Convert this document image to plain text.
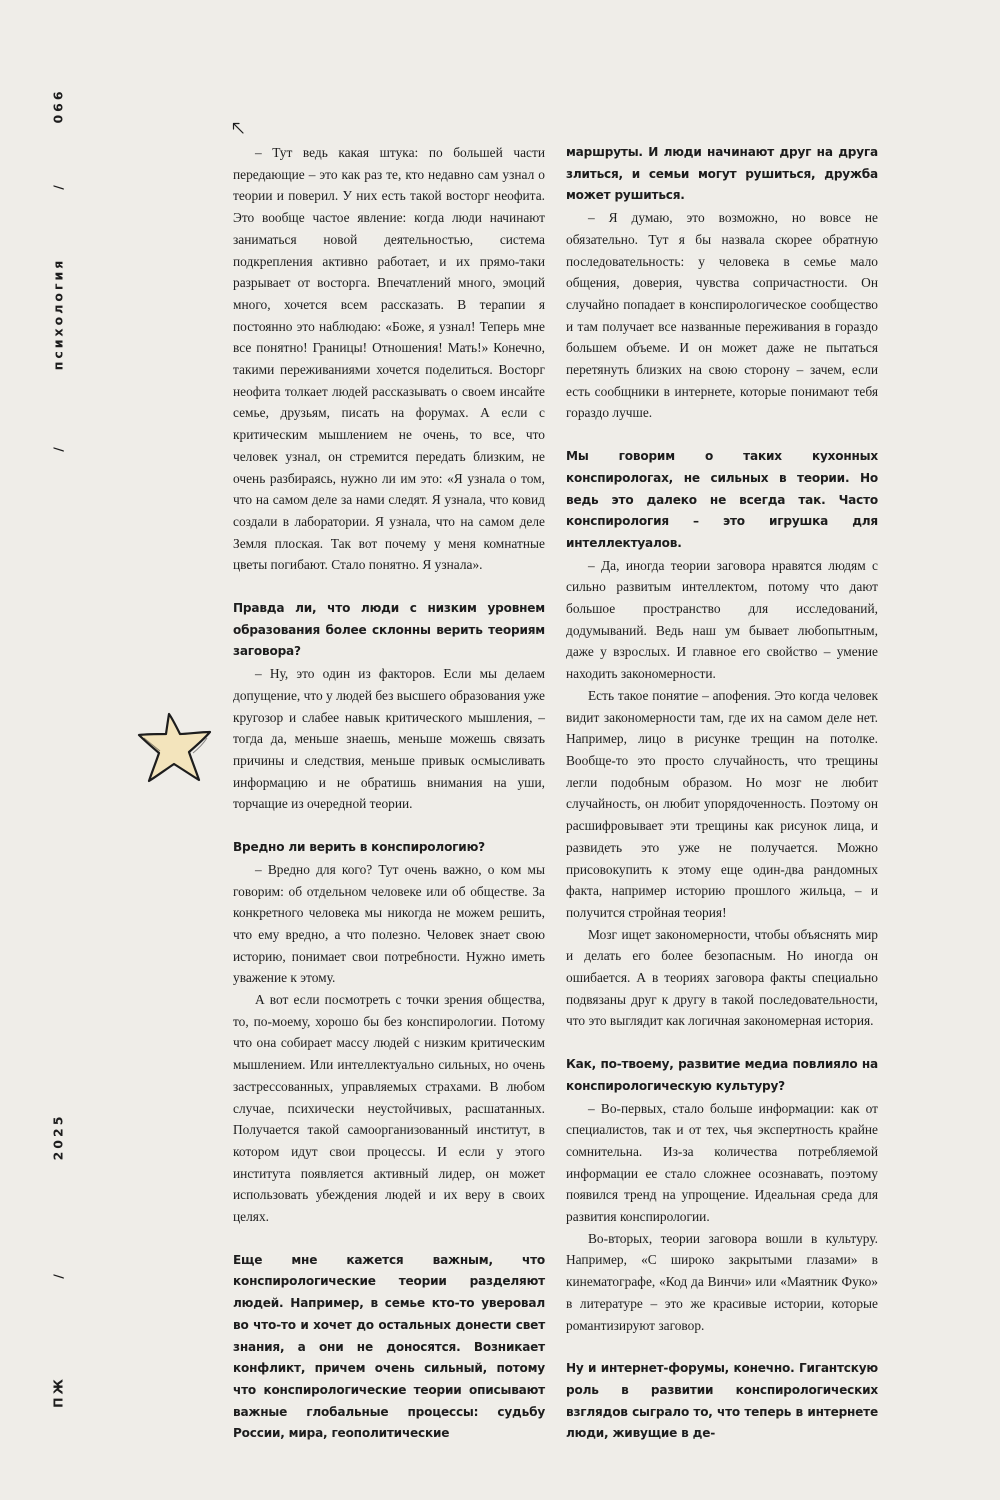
066
/
психология
/
2025
/
ПЖ

– Тут ведь какая штука: по большей части передающие – это как раз те, кто недавно сам узнал о теории и поверил. У них есть такой восторг неофита. Это вообще частое явление: когда люди начинают заниматься новой деятельностью, система подкрепления активно работает, и их прямо-таки разрывает от восторга. Впечатлений много, эмоций много, хочется всем рассказать. В терапии я постоянно это наблюдаю: «Боже, я узнал! Теперь мне все понятно! Границы! Отношения! Мать!» Конечно, такими переживаниями хочется поделиться. Восторг неофита толкает людей рассказывать о своем инсайте семье, друзьям, писать на форумах. А если с критическим мышлением не очень, то все, что человек узнал, он стремится передать близким, не очень разбираясь, нужно ли им это: «Я узнала о том, что на самом деле за нами следят. Я узнала, что ковид создали в лаборатории. Я узнала, что на самом деле Земля плоская. Так вот почему у меня комнатные цветы погибают. Стало понятно. Я узнала».

Правда ли, что люди с низким уровнем образования более склонны верить теориям заговора?

– Ну, это один из факторов. Если мы делаем допущение, что у людей без высшего образования уже кругозор и слабее навык критического мышления, – тогда да, меньше знаешь, меньше можешь связать причины и следствия, меньше привык осмысливать информацию и не обратишь внимания на уши, торчащие из очередной теории.

Вредно ли верить в конспирологию?

– Вредно для кого? Тут очень важно, о ком мы говорим: об отдельном человеке или об обществе. За конкретного человека мы никогда не можем решить, что ему вредно, а что полезно. Человек знает свою историю, понимает свои потребности. Нужно иметь уважение к этому.

А вот если посмотреть с точки зрения общества, то, по-моему, хорошо бы без конспирологии. Потому что она собирает массу людей с низким критическим мышлением. Или интеллектуально сильных, но очень застрессованных, управляемых страхами. В любом случае, психически неустойчивых, расшатанных. Получается такой самоорганизованный институт, в котором идут свои процессы. И если у этого института появляется активный лидер, он может использовать убеждения людей и их веру в своих целях.

Еще мне кажется важным, что конспирологические теории разделяют людей. Например, в семье кто-то уверовал во что-то и хочет до остальных донести свет знания, а они не доносятся. Возникает конфликт, причем очень сильный, потому что конспирологические теории описывают важные глобальные процессы: судьбу России, мира, геополитические

маршруты. И люди начинают друг на друга злиться, и семьи могут рушиться, дружба может рушиться.

– Я думаю, это возможно, но вовсе не обязательно. Тут я бы назвала скорее обратную последовательность: у человека в семье мало общения, доверия, чувства сопричастности. Он случайно попадает в конспирологическое сообщество и там получает все названные переживания в гораздо большем объеме. И он может даже не пытаться перетянуть близких на свою сторону – зачем, если есть сообщники в интернете, которые понимают тебя гораздо лучше.

Мы говорим о таких кухонных конспирологах, не сильных в теории. Но ведь это далеко не всегда так. Часто конспирология – это игрушка для интеллектуалов.

– Да, иногда теории заговора нравятся людям с сильно развитым интеллектом, потому что дают большое пространство для исследований, додумываний. Ведь наш ум бывает любопытным, даже у взрослых. И главное его свойство – умение находить закономерности.

Есть такое понятие – апофения. Это когда человек видит закономерности там, где их на самом деле нет. Например, лицо в рисунке трещин на потолке. Вообще-то это просто случайность, что трещины легли подобным образом. Но мозг не любит случайность, он любит упорядоченность. Поэтому он расшифровывает эти трещины как рисунок лица, и развидеть это уже не получается. Можно присовокупить к этому еще один-два рандомных факта, например историю прошлого жильца, – и получится стройная теория!

Мозг ищет закономерности, чтобы объяснять мир и делать его более безопасным. Но иногда он ошибается. А в теориях заговора факты специально подвязаны друг к другу в такой последовательности, что это выглядит как логичная закономерная история.

Как, по-твоему, развитие медиа повлияло на конспирологическую культуру?

– Во-первых, стало больше информации: как от специалистов, так и от тех, чья экспертность крайне сомнительна. Из-за количества потребляемой информации ее стало сложнее осознавать, поэтому появился тренд на упрощение. Идеальная среда для развития конспирологии.

Во-вторых, теории заговора вошли в культуру. Например, «С широко закрытыми глазами» в кинематографе, «Код да Винчи» или «Маятник Фуко» в литературе – это же красивые истории, которые романтизируют заговор.

Ну и интернет-форумы, конечно. Гигантскую роль в развитии конспирологических взглядов сыграло то, что теперь в интернете люди, живущие в де-
